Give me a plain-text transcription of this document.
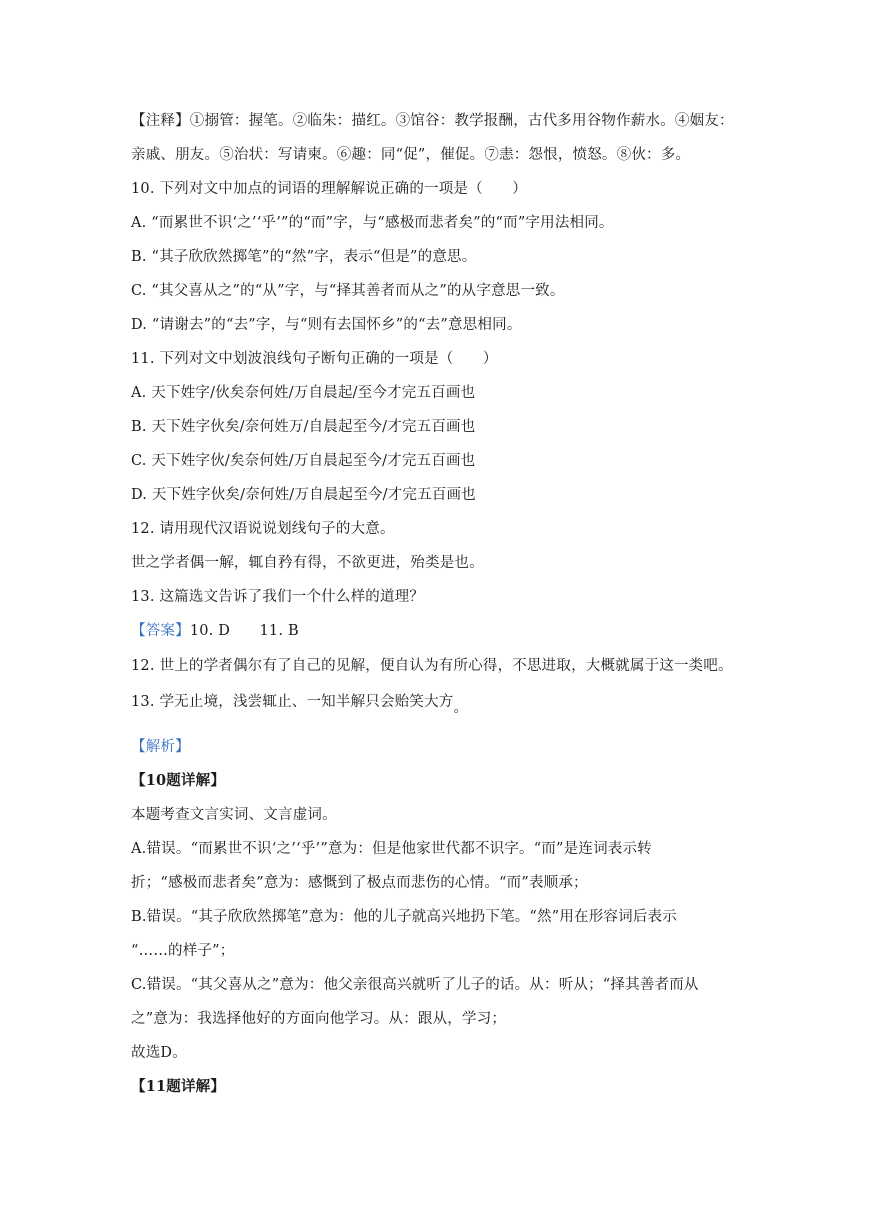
【注释】①搦管：握笔。②临朱：描红。③馆谷：教学报酬，古代多用谷物作薪水。④姻友：
亲戚、朋友。⑤治状：写请柬。⑥趣：同“促”，催促。⑦恚：怨恨，愤怒。⑧伙：多。
10. 下列对文中加点的词语的理解解说正确的一项是（　　）
A. “而累世不识‘之’‘乎’”的“而”字，与“感极而悲者矣”的“而”字用法相同。
B. “其子欣欣然掷笔”的“然”字，表示“但是”的意思。
C. “其父喜从之”的“从”字，与“择其善者而从之”的从字意思一致。
D. “请谢去”的“去”字，与“则有去国怀乡”的“去”意思相同。
11. 下列对文中划波浪线句子断句正确的一项是（　　）
A. 天下姓字/伙矣奈何姓/万自晨起/至今才完五百画也
B. 天下姓字伙矣/奈何姓万/自晨起至今/才完五百画也
C. 天下姓字伙/矣奈何姓/万自晨起至今/才完五百画也
D. 天下姓字伙矣/奈何姓/万自晨起至今/才完五百画也
12. 请用现代汉语说说划线句子的大意。
世之学者偶一解，辄自矜有得，不欲更进，殆类是也。
13. 这篇选文告诉了我们一个什么样的道理？
【答案】10. D　　11. B
12. 世上的学者偶尔有了自己的见解，便自认为有所心得，不思进取，大概就属于这一类吧。
13. 学无止境，浅尝辄止、一知半解只会贻笑大方。
【解析】
【10题详解】
本题考查文言实词、文言虚词。
A.错误。“而累世不识‘之’‘乎’”意为：但是他家世代都不识字。“而”是连词表示转
折；“感极而悲者矣”意为：感慨到了极点而悲伤的心情。“而”表顺承；
B.错误。“其子欣欣然掷笔”意为：他的儿子就高兴地扔下笔。“然”用在形容词后表示
“……的样子”；
C.错误。“其父喜从之”意为：他父亲很高兴就听了儿子的话。从：听从；“择其善者而从
之”意为：我选择他好的方面向他学习。从：跟从，学习；
故选D。
【11题详解】
